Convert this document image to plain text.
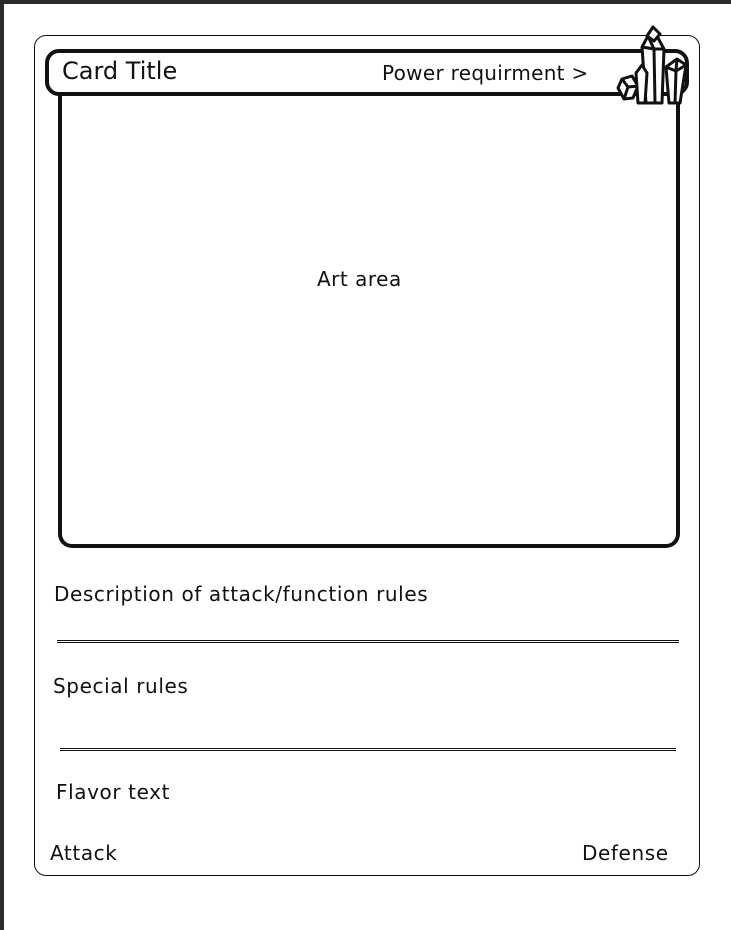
Card Title	Power requirment >
Art area
Description of attack/function rules
Special rules
Flavor text
Attack	Defense
